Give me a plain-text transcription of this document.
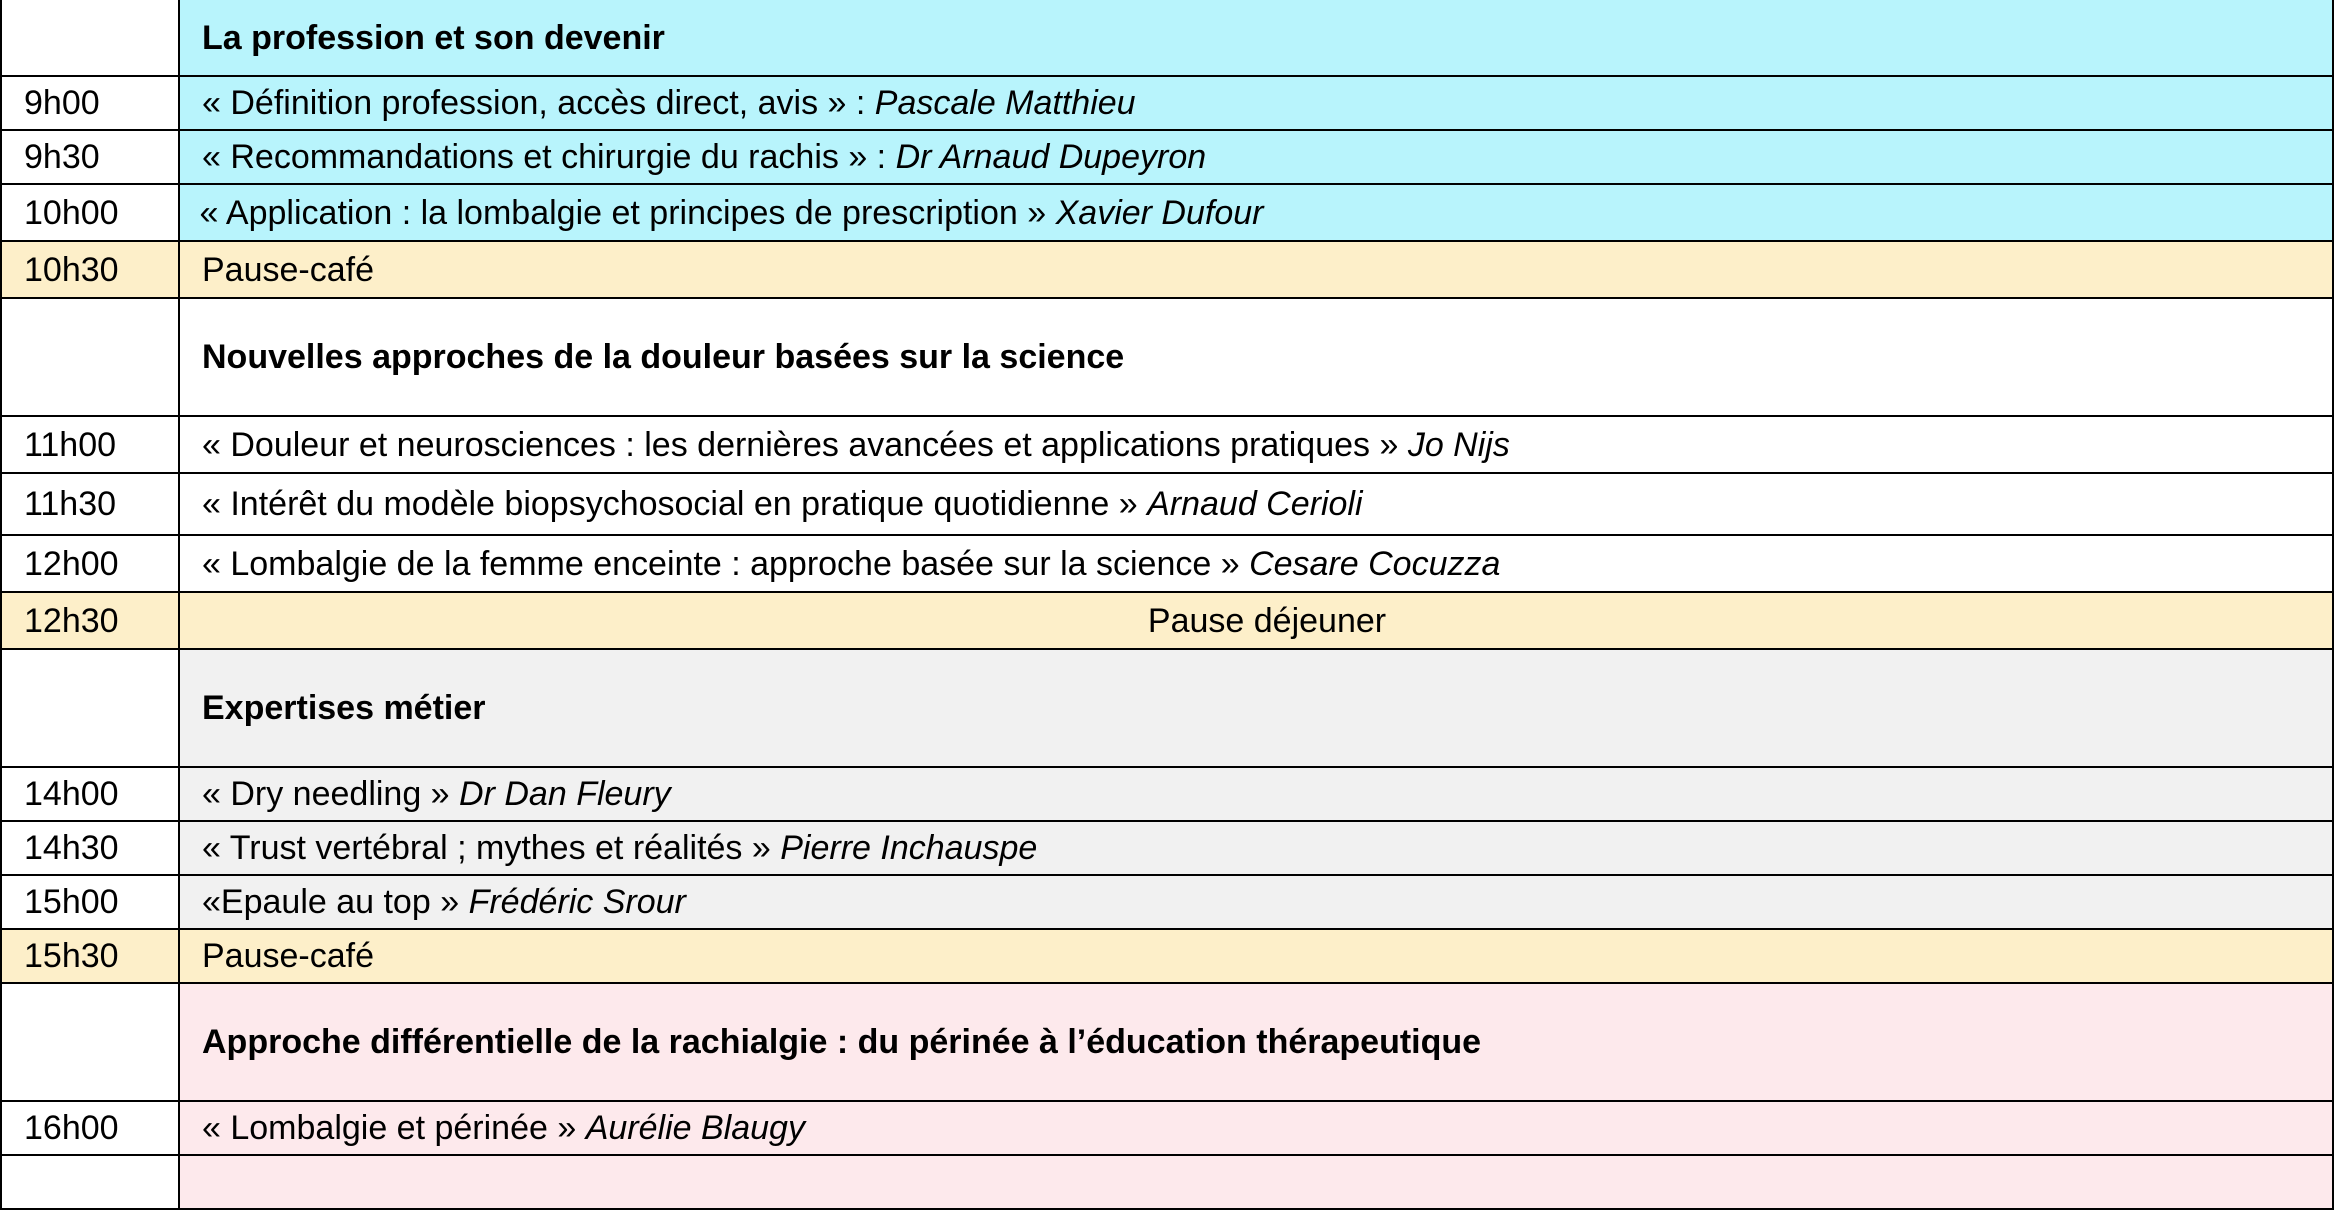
	La profession et son devenir
9h00	« Définition profession, accès direct, avis » : Pascale Matthieu
9h30	« Recommandations et chirurgie du rachis » : Dr Arnaud Dupeyron
10h00	« Application : la lombalgie et principes de prescription » Xavier Dufour
10h30	Pause-café
	Nouvelles approches de la douleur basées sur la science
11h00	« Douleur et neurosciences : les dernières avancées et applications pratiques » Jo Nijs
11h30	« Intérêt du modèle biopsychosocial en pratique quotidienne » Arnaud Cerioli
12h00	« Lombalgie de la femme enceinte : approche basée sur la science » Cesare Cocuzza
12h30	Pause déjeuner
	Expertises métier
14h00	« Dry needling » Dr Dan Fleury
14h30	« Trust vertébral ; mythes et réalités » Pierre Inchauspe
15h00	«Epaule au top » Frédéric Srour
15h30	Pause-café
	Approche différentielle de la rachialgie : du périnée à l’éducation thérapeutique
16h00	« Lombalgie et périnée » Aurélie Blaugy
